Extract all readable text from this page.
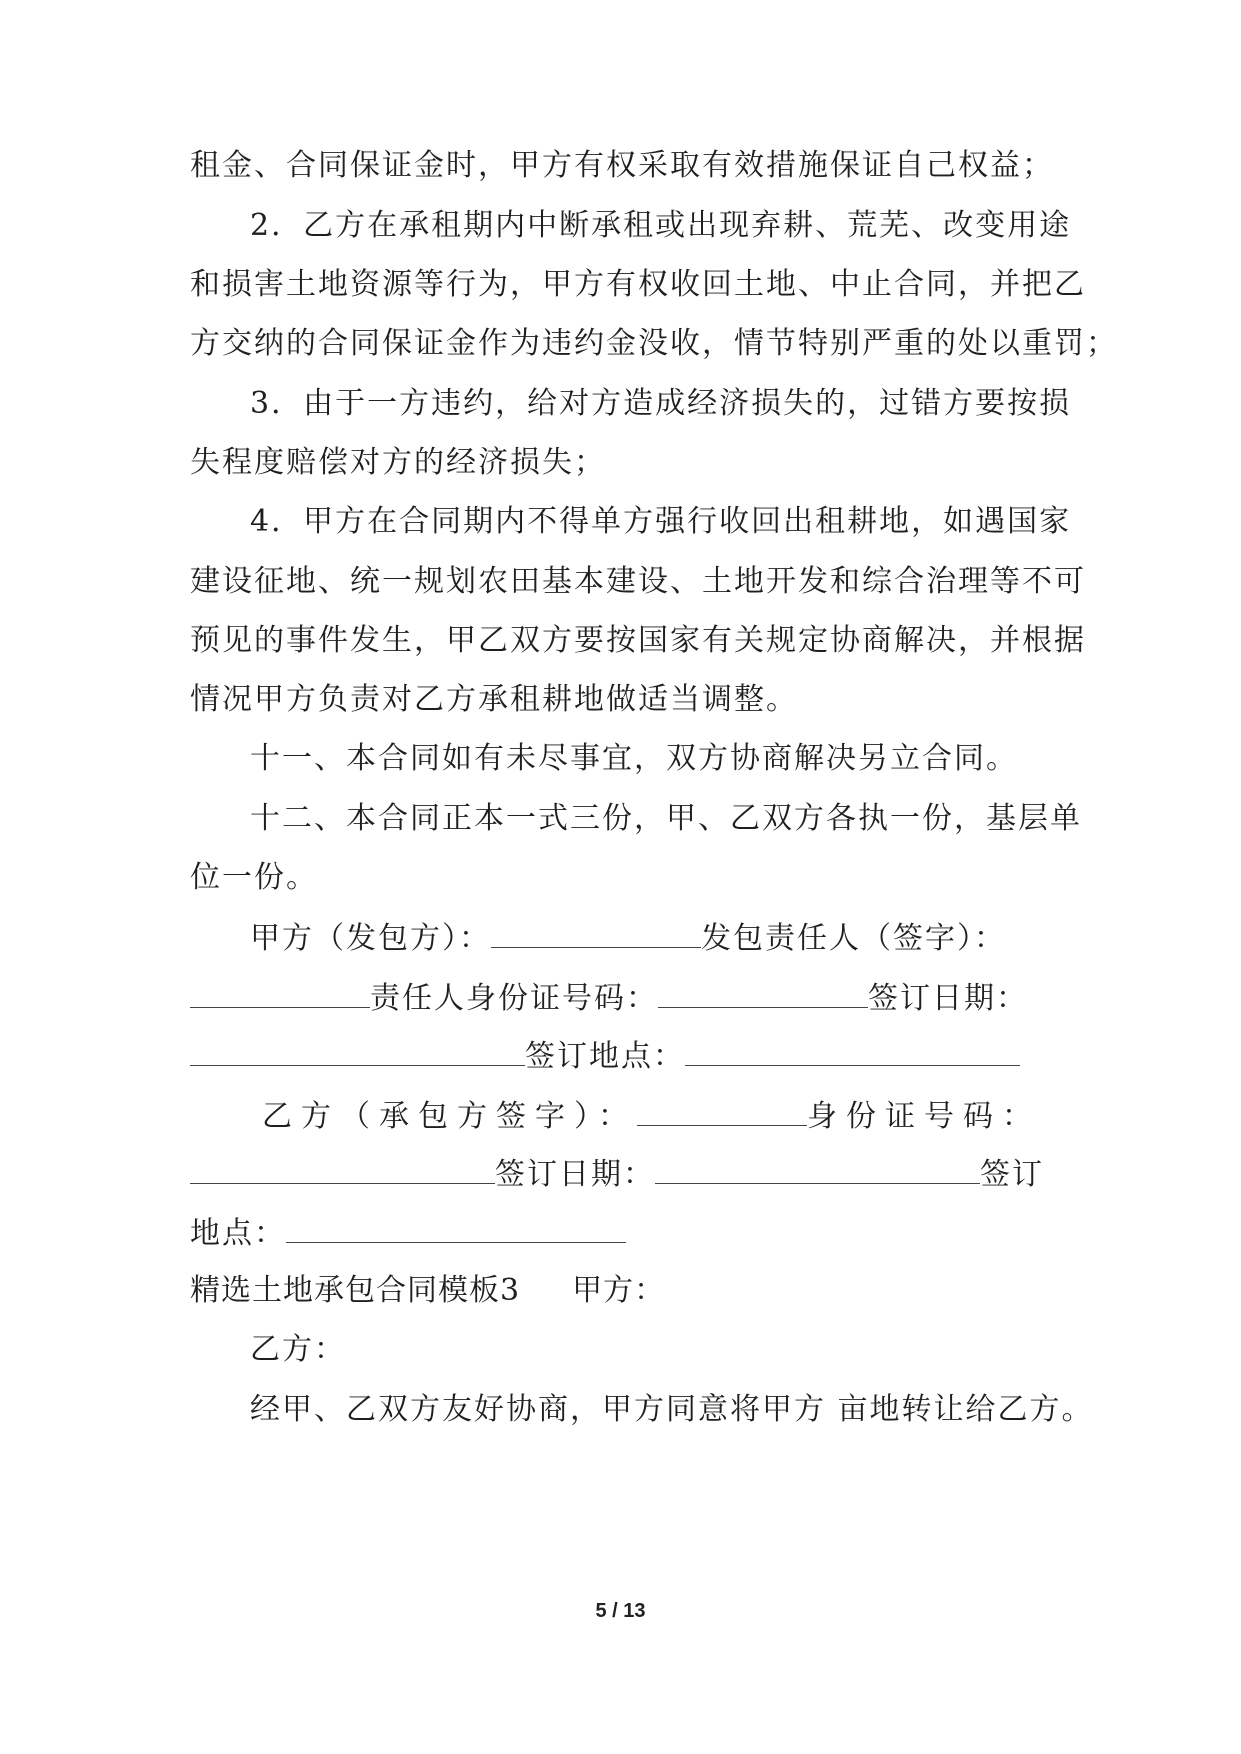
租金、合同保证金时，甲方有权采取有效措施保证自己权益；
2．乙方在承租期内中断承租或出现弃耕、荒芜、改变用途
和损害土地资源等行为，甲方有权收回土地、中止合同，并把乙
方交纳的合同保证金作为违约金没收，情节特别严重的处以重罚；
3．由于一方违约，给对方造成经济损失的，过错方要按损
失程度赔偿对方的经济损失；
4．甲方在合同期内不得单方强行收回出租耕地，如遇国家
建设征地、统一规划农田基本建设、土地开发和综合治理等不可
预见的事件发生，甲乙双方要按国家有关规定协商解决，并根据
情况甲方负责对乙方承租耕地做适当调整。
十一、本合同如有未尽事宜，双方协商解决另立合同。
十二、本合同正本一式三份，甲、乙双方各执一份，基层单
位一份。
甲方（发包方）：	发包责任人（签字）：
责任人身份证号码：	签订日期：
签订地点：
乙方（承包方签字）：	身份证号码：
签订日期：	签订
地点：
精选土地承包合同模板3 甲方：
乙方：
经甲、乙双方友好协商，甲方同意将甲方 亩地转让给乙方。
5 / 13
